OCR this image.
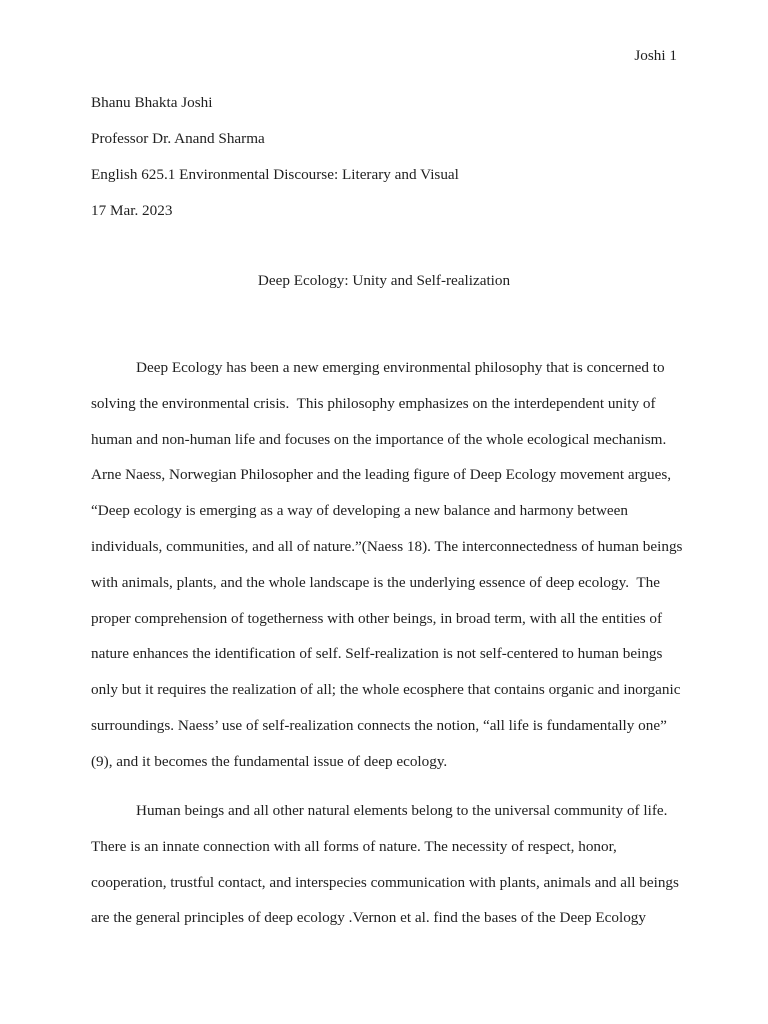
Joshi 1
Bhanu Bhakta Joshi
Professor Dr. Anand Sharma
English 625.1 Environmental Discourse: Literary and Visual
17 Mar. 2023
Deep Ecology: Unity and Self-realization
Deep Ecology has been a new emerging environmental philosophy that is concerned to
solving the environmental crisis.  This philosophy emphasizes on the interdependent unity of
human and non-human life and focuses on the importance of the whole ecological mechanism.
Arne Naess, Norwegian Philosopher and the leading figure of Deep Ecology movement argues,
“Deep ecology is emerging as a way of developing a new balance and harmony between
individuals, communities, and all of nature.”(Naess 18). The interconnectedness of human beings
with animals, plants, and the whole landscape is the underlying essence of deep ecology.  The
proper comprehension of togetherness with other beings, in broad term, with all the entities of
nature enhances the identification of self. Self-realization is not self-centered to human beings
only but it requires the realization of all; the whole ecosphere that contains organic and inorganic
surroundings. Naess’ use of self-realization connects the notion, “all life is fundamentally one”
(9), and it becomes the fundamental issue of deep ecology.
Human beings and all other natural elements belong to the universal community of life.
There is an innate connection with all forms of nature. The necessity of respect, honor,
cooperation, trustful contact, and interspecies communication with plants, animals and all beings
are the general principles of deep ecology .Vernon et al. find the bases of the Deep Ecology
